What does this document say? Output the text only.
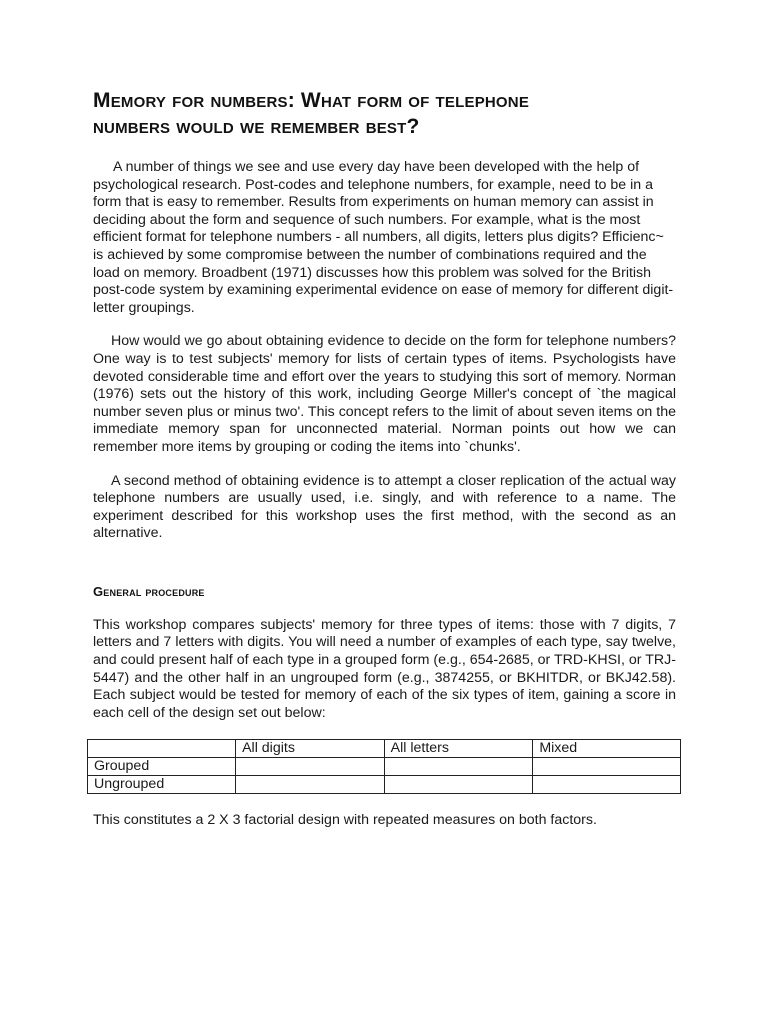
Memory for numbers: What form of telephone
numbers would we remember best?

A number of things we see and use every day have been developed with the help of psychological research. Post-codes and telephone numbers, for example, need to be in a form that is easy to remember. Results from experiments on human memory can assist in deciding about the form and sequence of such numbers. For example, what is the most efficient format for telephone numbers - all numbers, all digits, letters plus digits? Efficienc~ is achieved by some compromise between the number of combinations required and the load on memory. Broadbent (1971) discusses how this problem was solved for the British post-code system by examining experimental evidence on ease of memory for different digit-letter groupings.

How would we go about obtaining evidence to decide on the form for telephone numbers? One way is to test subjects' memory for lists of certain types of items. Psychologists have devoted considerable time and effort over the years to studying this sort of memory. Norman (1976) sets out the history of this work, including George Miller's concept of `the magical number seven plus or minus two'. This concept refers to the limit of about seven items on the immediate memory span for unconnected material. Norman points out how we can remember more items by grouping or coding the items into `chunks'.

A second method of obtaining evidence is to attempt a closer replication of the actual way telephone numbers are usually used, i.e. singly, and with reference to a name. The experiment described for this workshop uses the first method, with the second as an alternative.

General procedure

This workshop compares subjects' memory for three types of items: those with 7 digits, 7 letters and 7 letters with digits. You will need a number of examples of each type, say twelve, and could present half of each type in a grouped form (e.g., 654-2685, or TRD-KHSI, or TRJ-5447) and the other half in an ungrouped form (e.g., 3874255, or BKHITDR, or BKJ42.58). Each subject would be tested for memory of each of the six types of item, gaining a score in each cell of the design set out below:

	All digits	All letters	Mixed
Grouped			
Ungrouped			

This constitutes a 2 X 3 factorial design with repeated measures on both factors.
